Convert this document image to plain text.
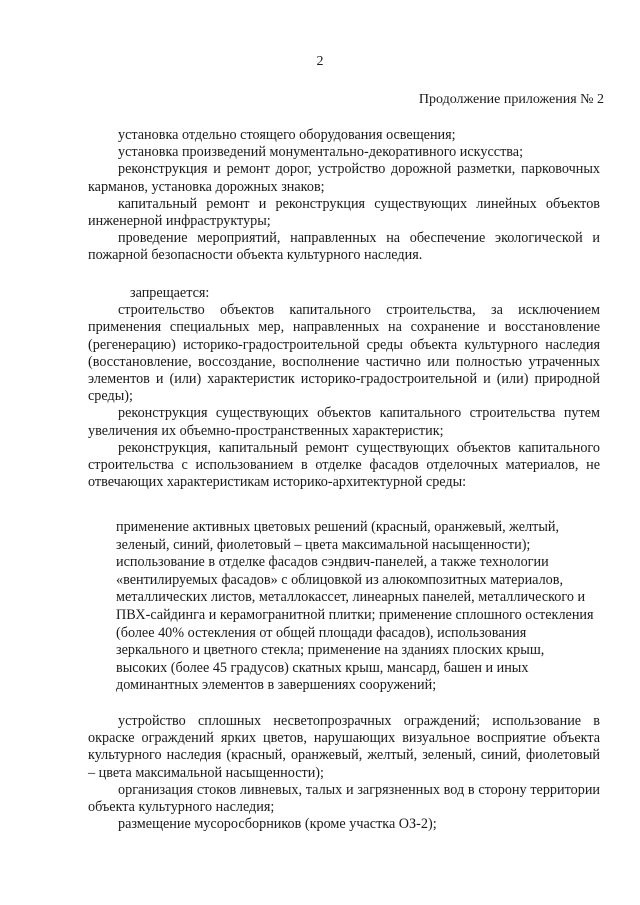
2
Продолжение приложения № 2

установка отдельно стоящего оборудования освещения;

установка произведений монументально-декоративного искусства;

реконструкция и ремонт дорог, устройство дорожной разметки, парковочных карманов, установка дорожных знаков;

капитальный ремонт и реконструкция существующих линейных объектов инженерной инфраструктуры;

проведение мероприятий, направленных на обеспечение экологической и пожарной безопасности объекта культурного наследия.

запрещается:

строительство объектов капитального строительства, за исключением применения специальных мер, направленных на сохранение и восстановление (регенерацию) историко-градостроительной среды объекта культурного наследия (восстановление, воссоздание, восполнение частично или полностью утраченных элементов и (или) характеристик историко-градостроительной и (или) природной среды);

реконструкция существующих объектов капитального строительства путем увеличения их объемно-пространственных характеристик;

реконструкция, капитальный ремонт существующих объектов капитального строительства с использованием в отделке фасадов отделочных материалов, не отвечающих характеристикам историко-архитектурной среды:

применение активных цветовых решений (красный, оранжевый, желтый, зеленый, синий, фиолетовый – цвета максимальной насыщенности);

использование в отделке фасадов сэндвич-панелей, а также технологии «вентилируемых фасадов» с облицовкой из алюкомпозитных материалов, металлических листов, металлокассет, линеарных панелей, металлического и ПВХ-сайдинга и керамогранитной плитки; применение сплошного остекления (более 40% остекления от общей площади фасадов), использования зеркального и цветного стекла; применение на зданиях плоских крыш, высоких (более 45 градусов) скатных крыш, мансард, башен и иных доминантных элементов в завершениях сооружений;

устройство сплошных несветопрозрачных ограждений; использование в окраске ограждений ярких цветов, нарушающих визуальное восприятие объекта культурного наследия (красный, оранжевый, желтый, зеленый, синий, фиолетовый – цвета максимальной насыщенности);

организация стоков ливневых, талых и загрязненных вод в сторону территории объекта культурного наследия;

размещение мусоросборников (кроме участка ОЗ-2);
